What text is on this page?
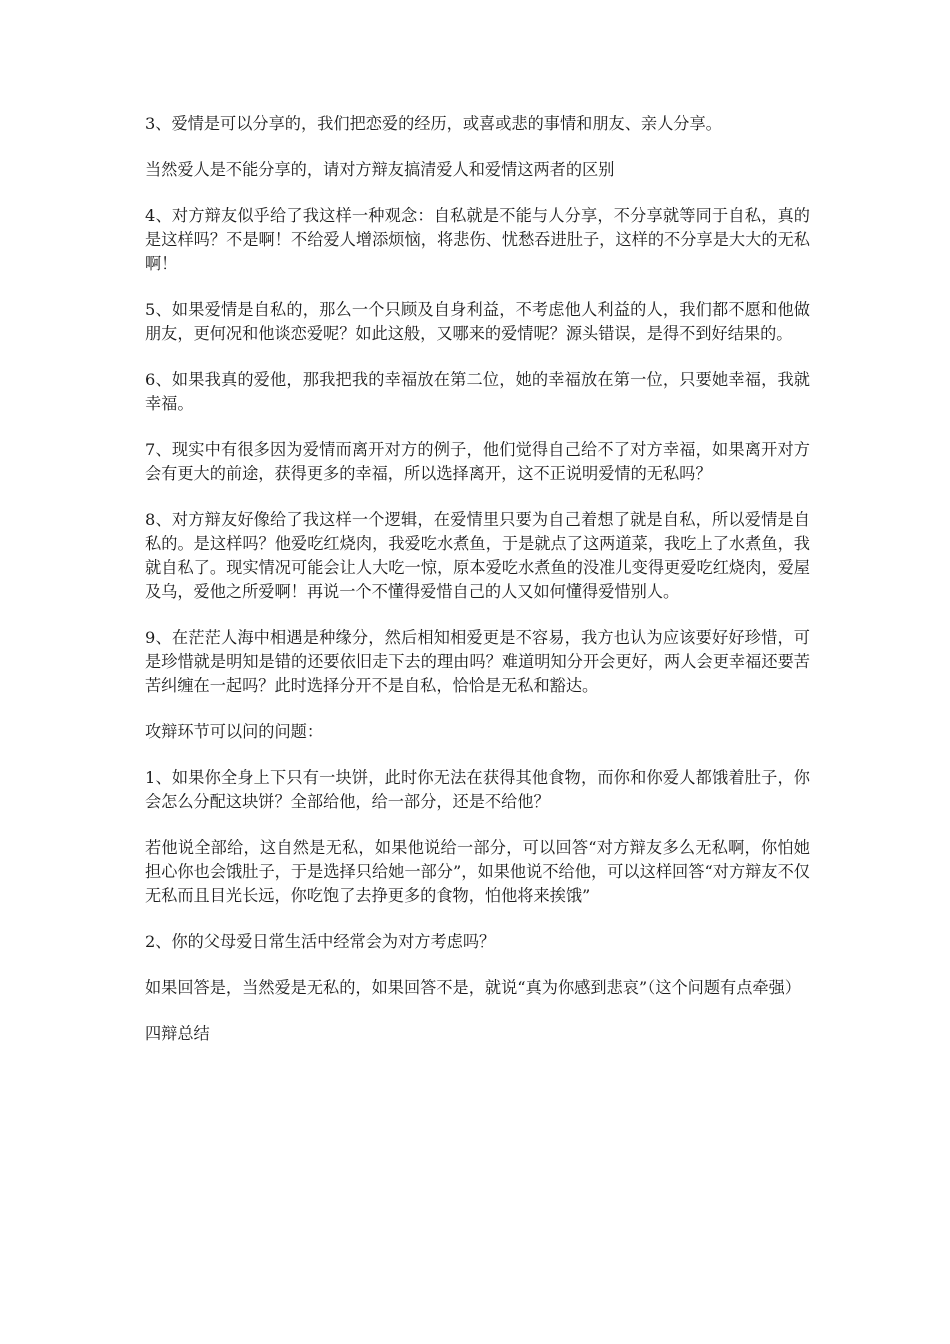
3、爱情是可以分享的，我们把恋爱的经历，或喜或悲的事情和朋友、亲人分享。

当然爱人是不能分享的，请对方辩友搞清爱人和爱情这两者的区别

4、对方辩友似乎给了我这样一种观念：自私就是不能与人分享，不分享就等同于自私，真的是这样吗？不是啊！不给爱人增添烦恼，将悲伤、忧愁吞进肚子，这样的不分享是大大的无私啊！

5、如果爱情是自私的，那么一个只顾及自身利益，不考虑他人利益的人，我们都不愿和他做朋友，更何况和他谈恋爱呢？如此这般，又哪来的爱情呢？源头错误，是得不到好结果的。

6、如果我真的爱他，那我把我的幸福放在第二位，她的幸福放在第一位，只要她幸福，我就幸福。

7、现实中有很多因为爱情而离开对方的例子，他们觉得自己给不了对方幸福，如果离开对方会有更大的前途，获得更多的幸福，所以选择离开，这不正说明爱情的无私吗？

8、对方辩友好像给了我这样一个逻辑，在爱情里只要为自己着想了就是自私，所以爱情是自私的。是这样吗？他爱吃红烧肉，我爱吃水煮鱼，于是就点了这两道菜，我吃上了水煮鱼，我就自私了。现实情况可能会让人大吃一惊，原本爱吃水煮鱼的没准儿变得更爱吃红烧肉，爱屋及乌，爱他之所爱啊！再说一个不懂得爱惜自己的人又如何懂得爱惜别人。

9、在茫茫人海中相遇是种缘分，然后相知相爱更是不容易，我方也认为应该要好好珍惜，可是珍惜就是明知是错的还要依旧走下去的理由吗？难道明知分开会更好，两人会更幸福还要苦苦纠缠在一起吗？此时选择分开不是自私，恰恰是无私和豁达。

攻辩环节可以问的问题：

1、如果你全身上下只有一块饼，此时你无法在获得其他食物，而你和你爱人都饿着肚子，你会怎么分配这块饼？全部给他，给一部分，还是不给他？

若他说全部给，这自然是无私，如果他说给一部分，可以回答“对方辩友多么无私啊，你怕她担心你也会饿肚子，于是选择只给她一部分”，如果他说不给他，可以这样回答“对方辩友不仅无私而且目光长远，你吃饱了去挣更多的食物，怕他将来挨饿”

2、你的父母爱日常生活中经常会为对方考虑吗？

如果回答是，当然爱是无私的，如果回答不是，就说“真为你感到悲哀”（这个问题有点牵强）

四辩总结
